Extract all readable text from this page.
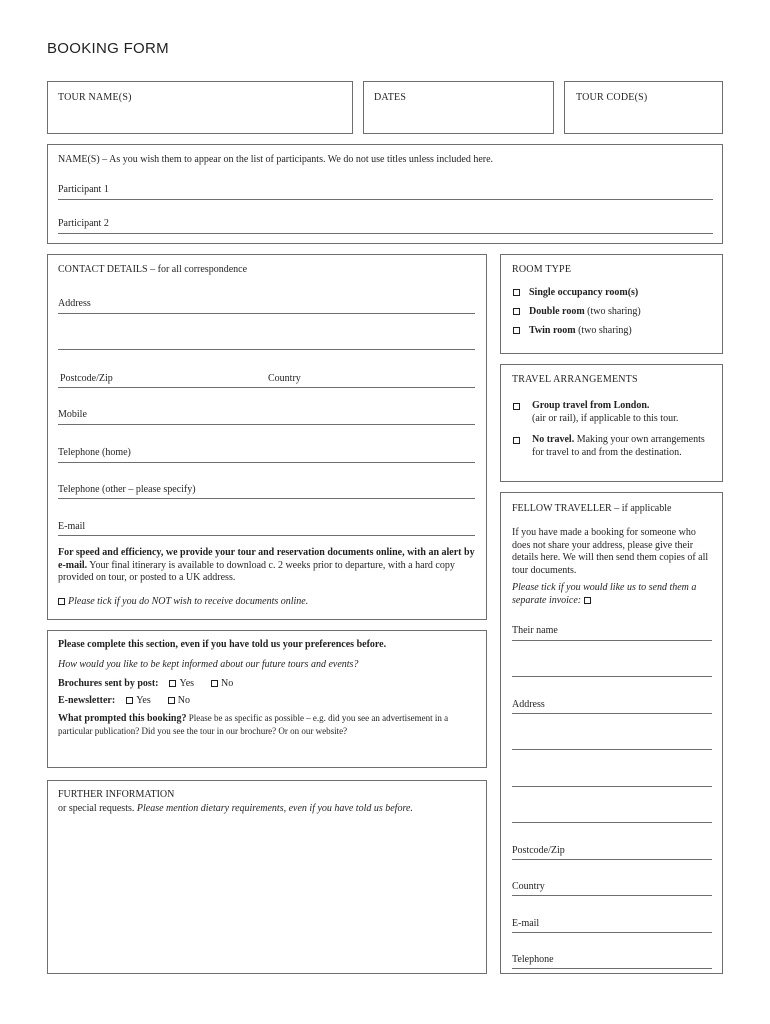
BOOKING FORM
TOUR NAME(S)	DATES	TOUR CODE(S)
NAME(S) – As you wish them to appear on the list of participants. We do not use titles unless included here.
Participant 1
Participant 2
CONTACT DETAILS – for all correspondence
Address
Postcode/Zip	Country
Mobile
Telephone (home)
Telephone (other – please specify)
E-mail
For speed and efficiency, we provide your tour and reservation documents online, with an alert by e-mail. Your final itinerary is available to download c. 2 weeks prior to departure, with a hard copy provided on tour, or posted to a UK address.
Please tick if you do NOT wish to receive documents online.
ROOM TYPE
Single occupancy room(s)
Double room (two sharing)
Twin room (two sharing)
TRAVEL ARRANGEMENTS
Group travel from London.
(air or rail), if applicable to this tour.
No travel. Making your own arrangements for travel to and from the destination.
FELLOW TRAVELLER – if applicable
If you have made a booking for someone who does not share your address, please give their details here. We will then send them copies of all tour documents.
Please tick if you would like us to send them a separate invoice:
Their name
Address
Postcode/Zip
Country
E-mail
Telephone
Please complete this section, even if you have told us your preferences before.
How would you like to be kept informed about our future tours and events?
Brochures sent by post: Yes	No
E-newsletter: Yes	No
What prompted this booking? Please be as specific as possible – e.g. did you see an advertisement in a particular publication? Did you see the tour in our brochure? Or on our website?
FURTHER INFORMATION
or special requests. Please mention dietary requirements, even if you have told us before.
